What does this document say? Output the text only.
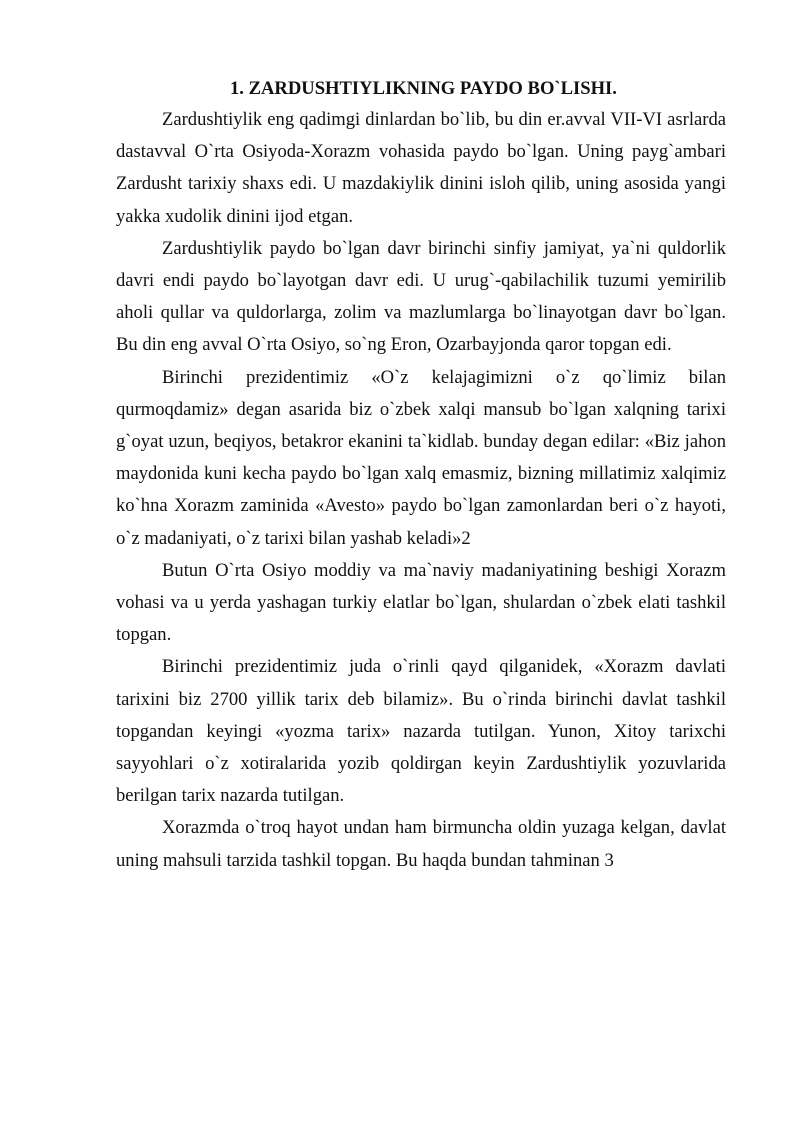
1. ZARDUSHTIYLIKNING PAYDO BO`LISHI.

Zardushtiylik eng qadimgi dinlardan bo`lib, bu din er.avval VII-VI asrlarda dastavval O`rta Osiyoda-Xorazm vohasida paydo bo`lgan. Uning payg`ambari Zardusht tarixiy shaxs edi. U mazdakiylik dinini isloh qilib, uning asosida yangi yakka xudolik dinini ijod etgan.

Zardushtiylik paydo bo`lgan davr birinchi sinfiy jamiyat, ya`ni quldorlik davri endi paydo bo`layotgan davr edi. U urug`-qabilachilik tuzumi yemirilib aholi qullar va quldorlarga, zolim va mazlumlarga bo`linayotgan davr bo`lgan. Bu din eng avval O`rta Osiyo, so`ng Eron, Ozarbayjonda qaror topgan edi.

Birinchi prezidentimiz «O`z kelajagimizni o`z qo`limiz bilan qurmoqdamiz» degan asarida biz o`zbek xalqi mansub bo`lgan xalqning tarixi g`oyat uzun, beqiyos, betakror ekanini ta`kidlab. bunday degan edilar: «Biz jahon maydonida kuni kecha paydo bo`lgan xalq emasmiz, bizning millatimiz xalqimiz ko`hna Xorazm zaminida «Avesto» paydo bo`lgan zamonlardan beri o`z hayoti, o`z madaniyati, o`z tarixi bilan yashab keladi»2

Butun O`rta Osiyo moddiy va ma`naviy madaniyatining beshigi Xorazm vohasi va u yerda yashagan turkiy elatlar bo`lgan, shulardan o`zbek elati tashkil topgan.

Birinchi prezidentimiz juda o`rinli qayd qilganidek, «Xorazm davlati tarixini biz 2700 yillik tarix deb bilamiz». Bu o`rinda birinchi davlat tashkil topgandan keyingi «yozma tarix» nazarda tutilgan. Yunon, Xitoy tarixchi sayyohlari o`z xotiralarida yozib qoldirgan keyin Zardushtiylik yozuvlarida berilgan tarix nazarda tutilgan.

Xorazmda o`troq hayot undan ham birmuncha oldin yuzaga kelgan, davlat uning mahsuli tarzida tashkil topgan. Bu haqda bundan tahminan 3
